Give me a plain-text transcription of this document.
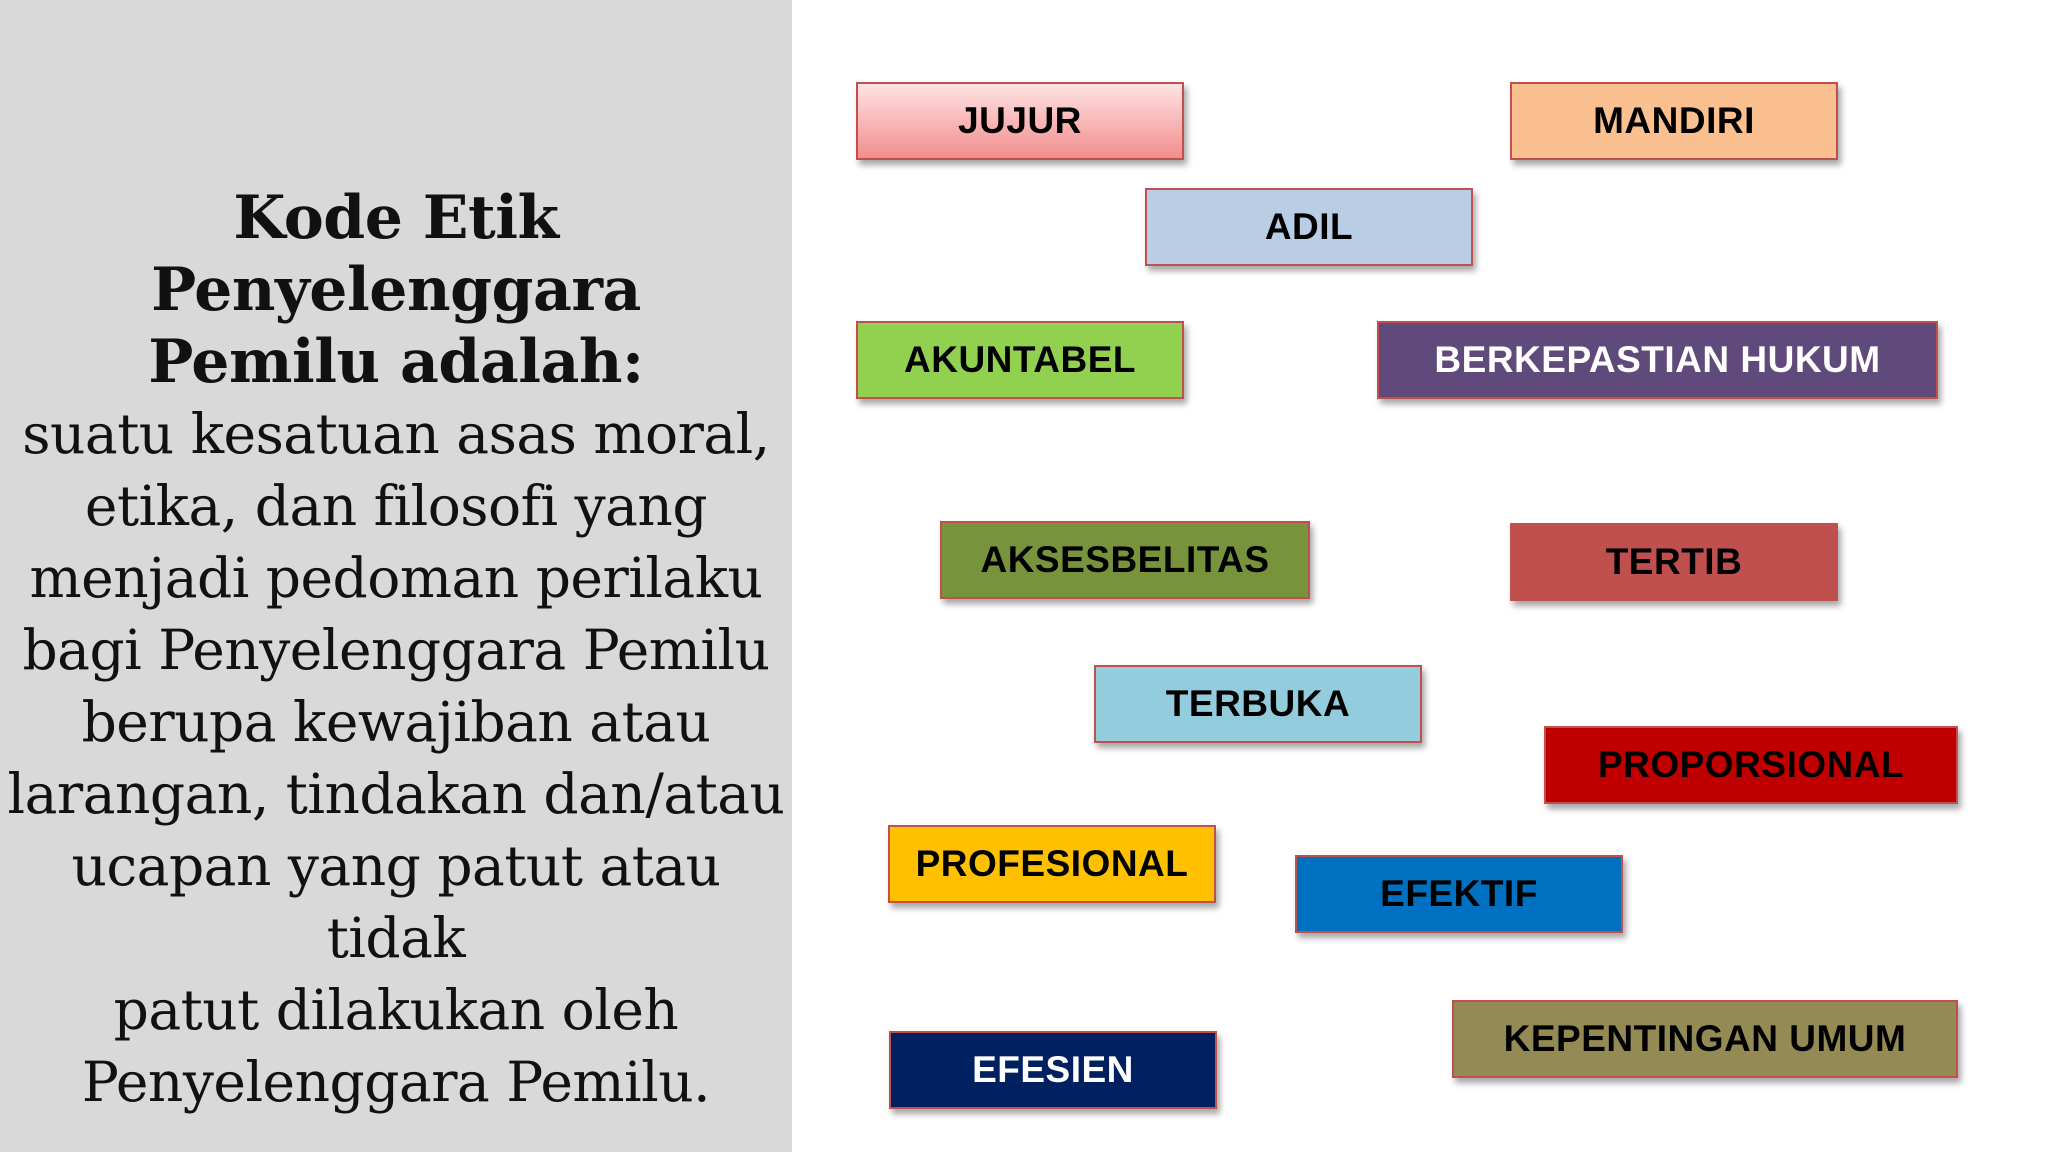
Kode Etik Penyelenggara
Pemilu adalah:
suatu kesatuan asas moral,
etika, dan filosofi yang
menjadi pedoman perilaku
bagi Penyelenggara Pemilu
berupa kewajiban atau
larangan, tindakan dan/atau
ucapan yang patut atau tidak
patut dilakukan oleh
Penyelenggara Pemilu.
JUJUR	MANDIRI
ADIL
AKUNTABEL	BERKEPASTIAN HUKUM
AKSESBELITAS	TERTIB
TERBUKA
PROPORSIONAL
PROFESIONAL
EFEKTIF
KEPENTINGAN UMUM
EFESIEN
